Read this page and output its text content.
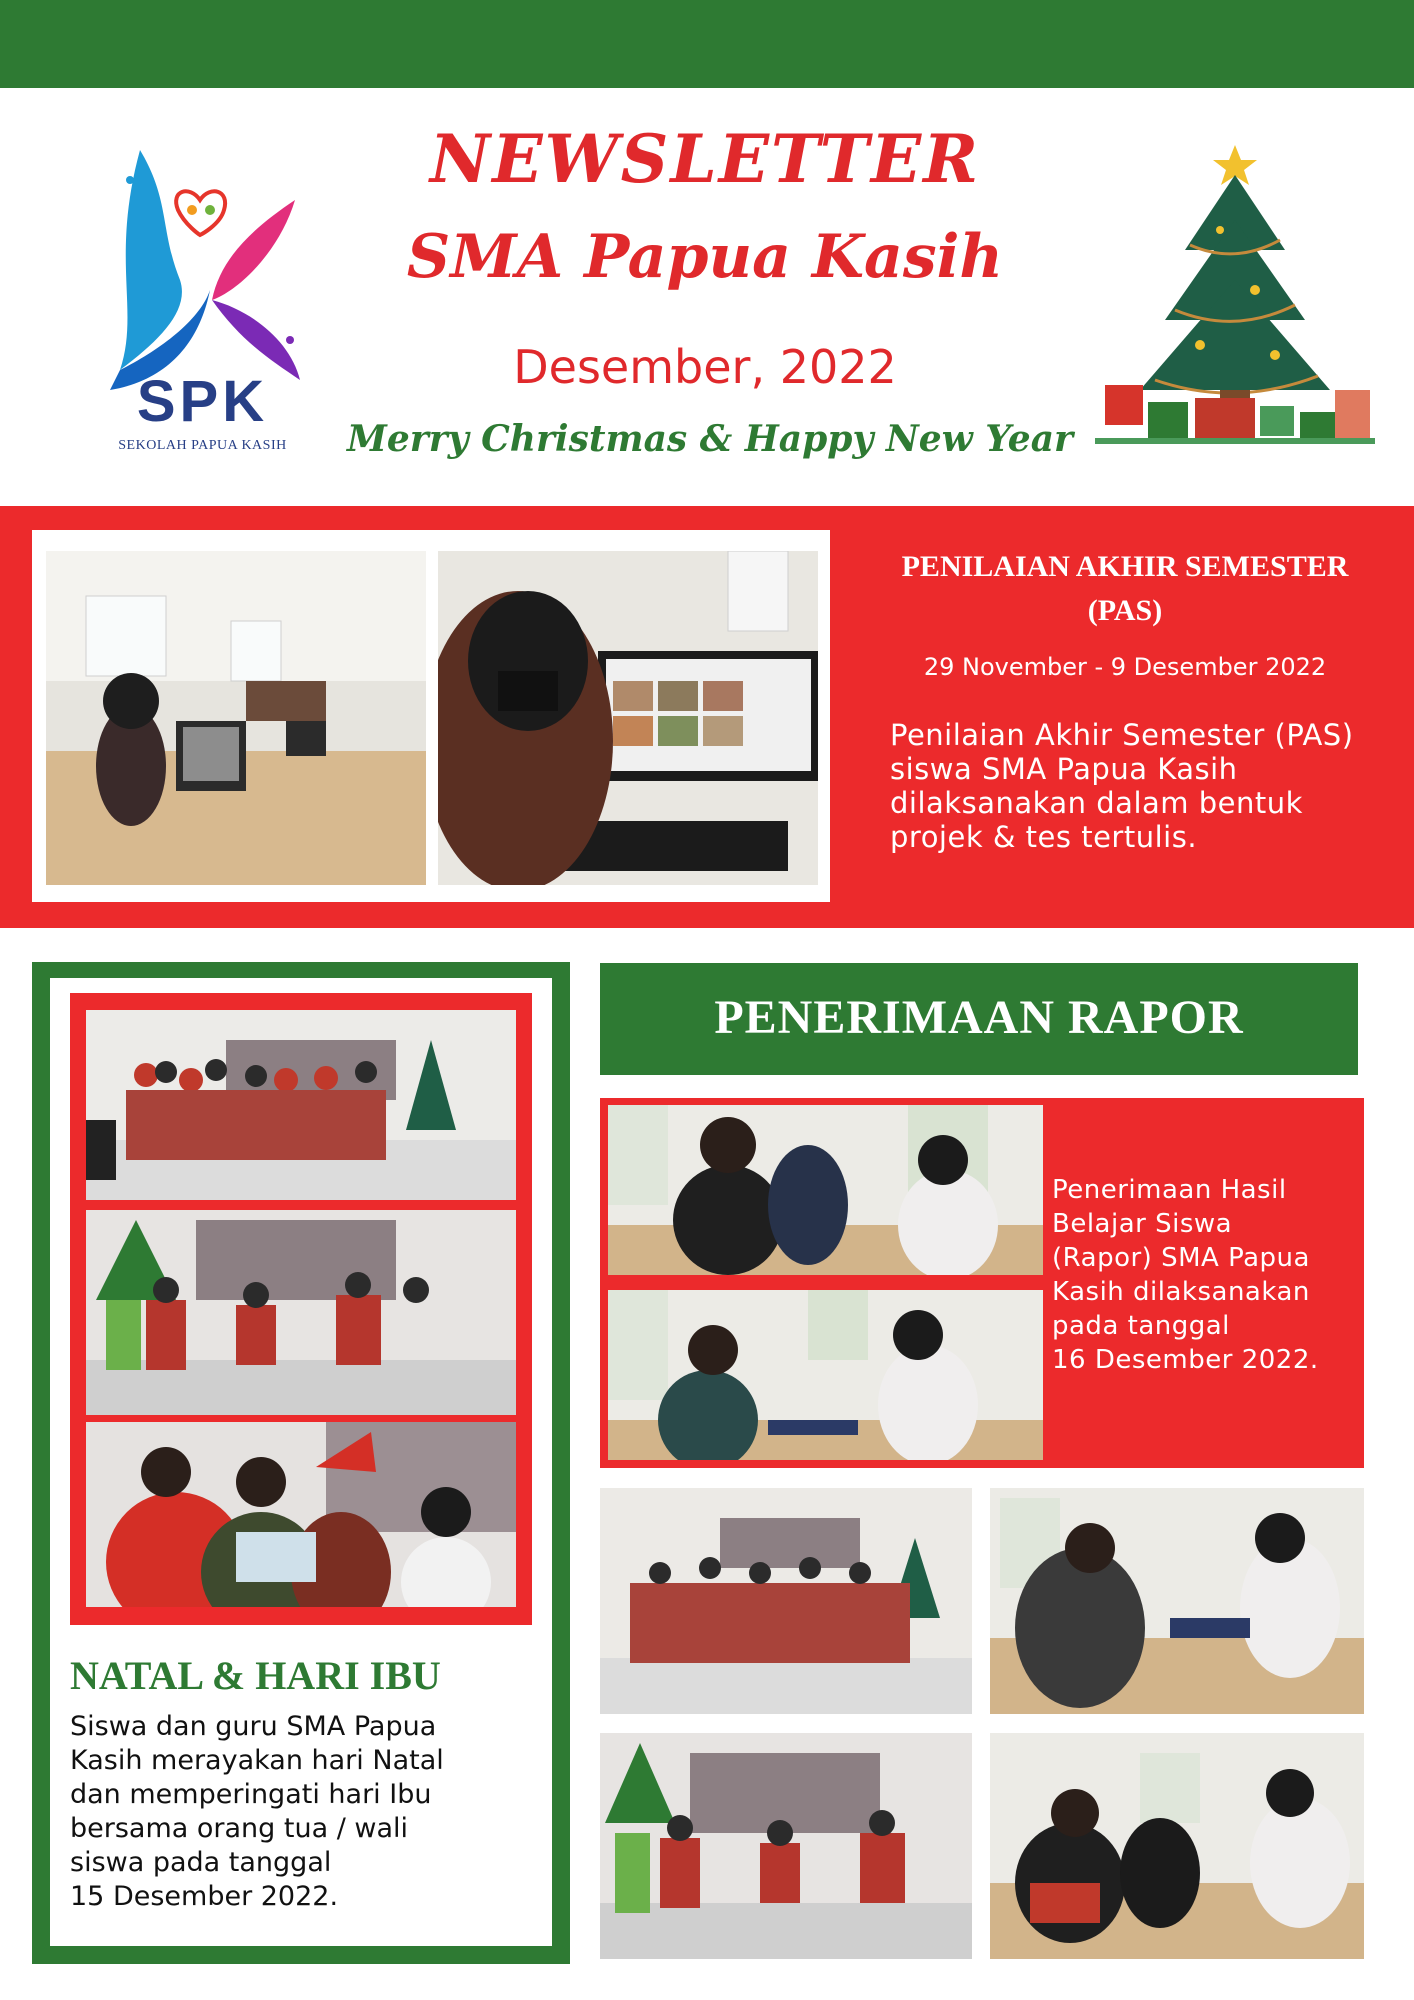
SPK
SEKOLAH PAPUA KASIH
NEWSLETTER
SMA Papua Kasih
Desember, 2022
Merry Christmas & Happy New Year
PENILAIAN AKHIR SEMESTER
(PAS)
29 November - 9 Desember 2022
Penilaian Akhir Semester (PAS)
siswa SMA Papua Kasih
dilaksanakan dalam bentuk
projek & tes tertulis.
NATAL & HARI IBU
Siswa dan guru SMA Papua
Kasih merayakan hari Natal
dan memperingati hari Ibu
bersama orang tua / wali
siswa pada tanggal
15 Desember 2022.
PENERIMAAN RAPOR
Penerimaan Hasil
Belajar Siswa
(Rapor) SMA Papua
Kasih dilaksanakan
pada tanggal
16 Desember 2022.
